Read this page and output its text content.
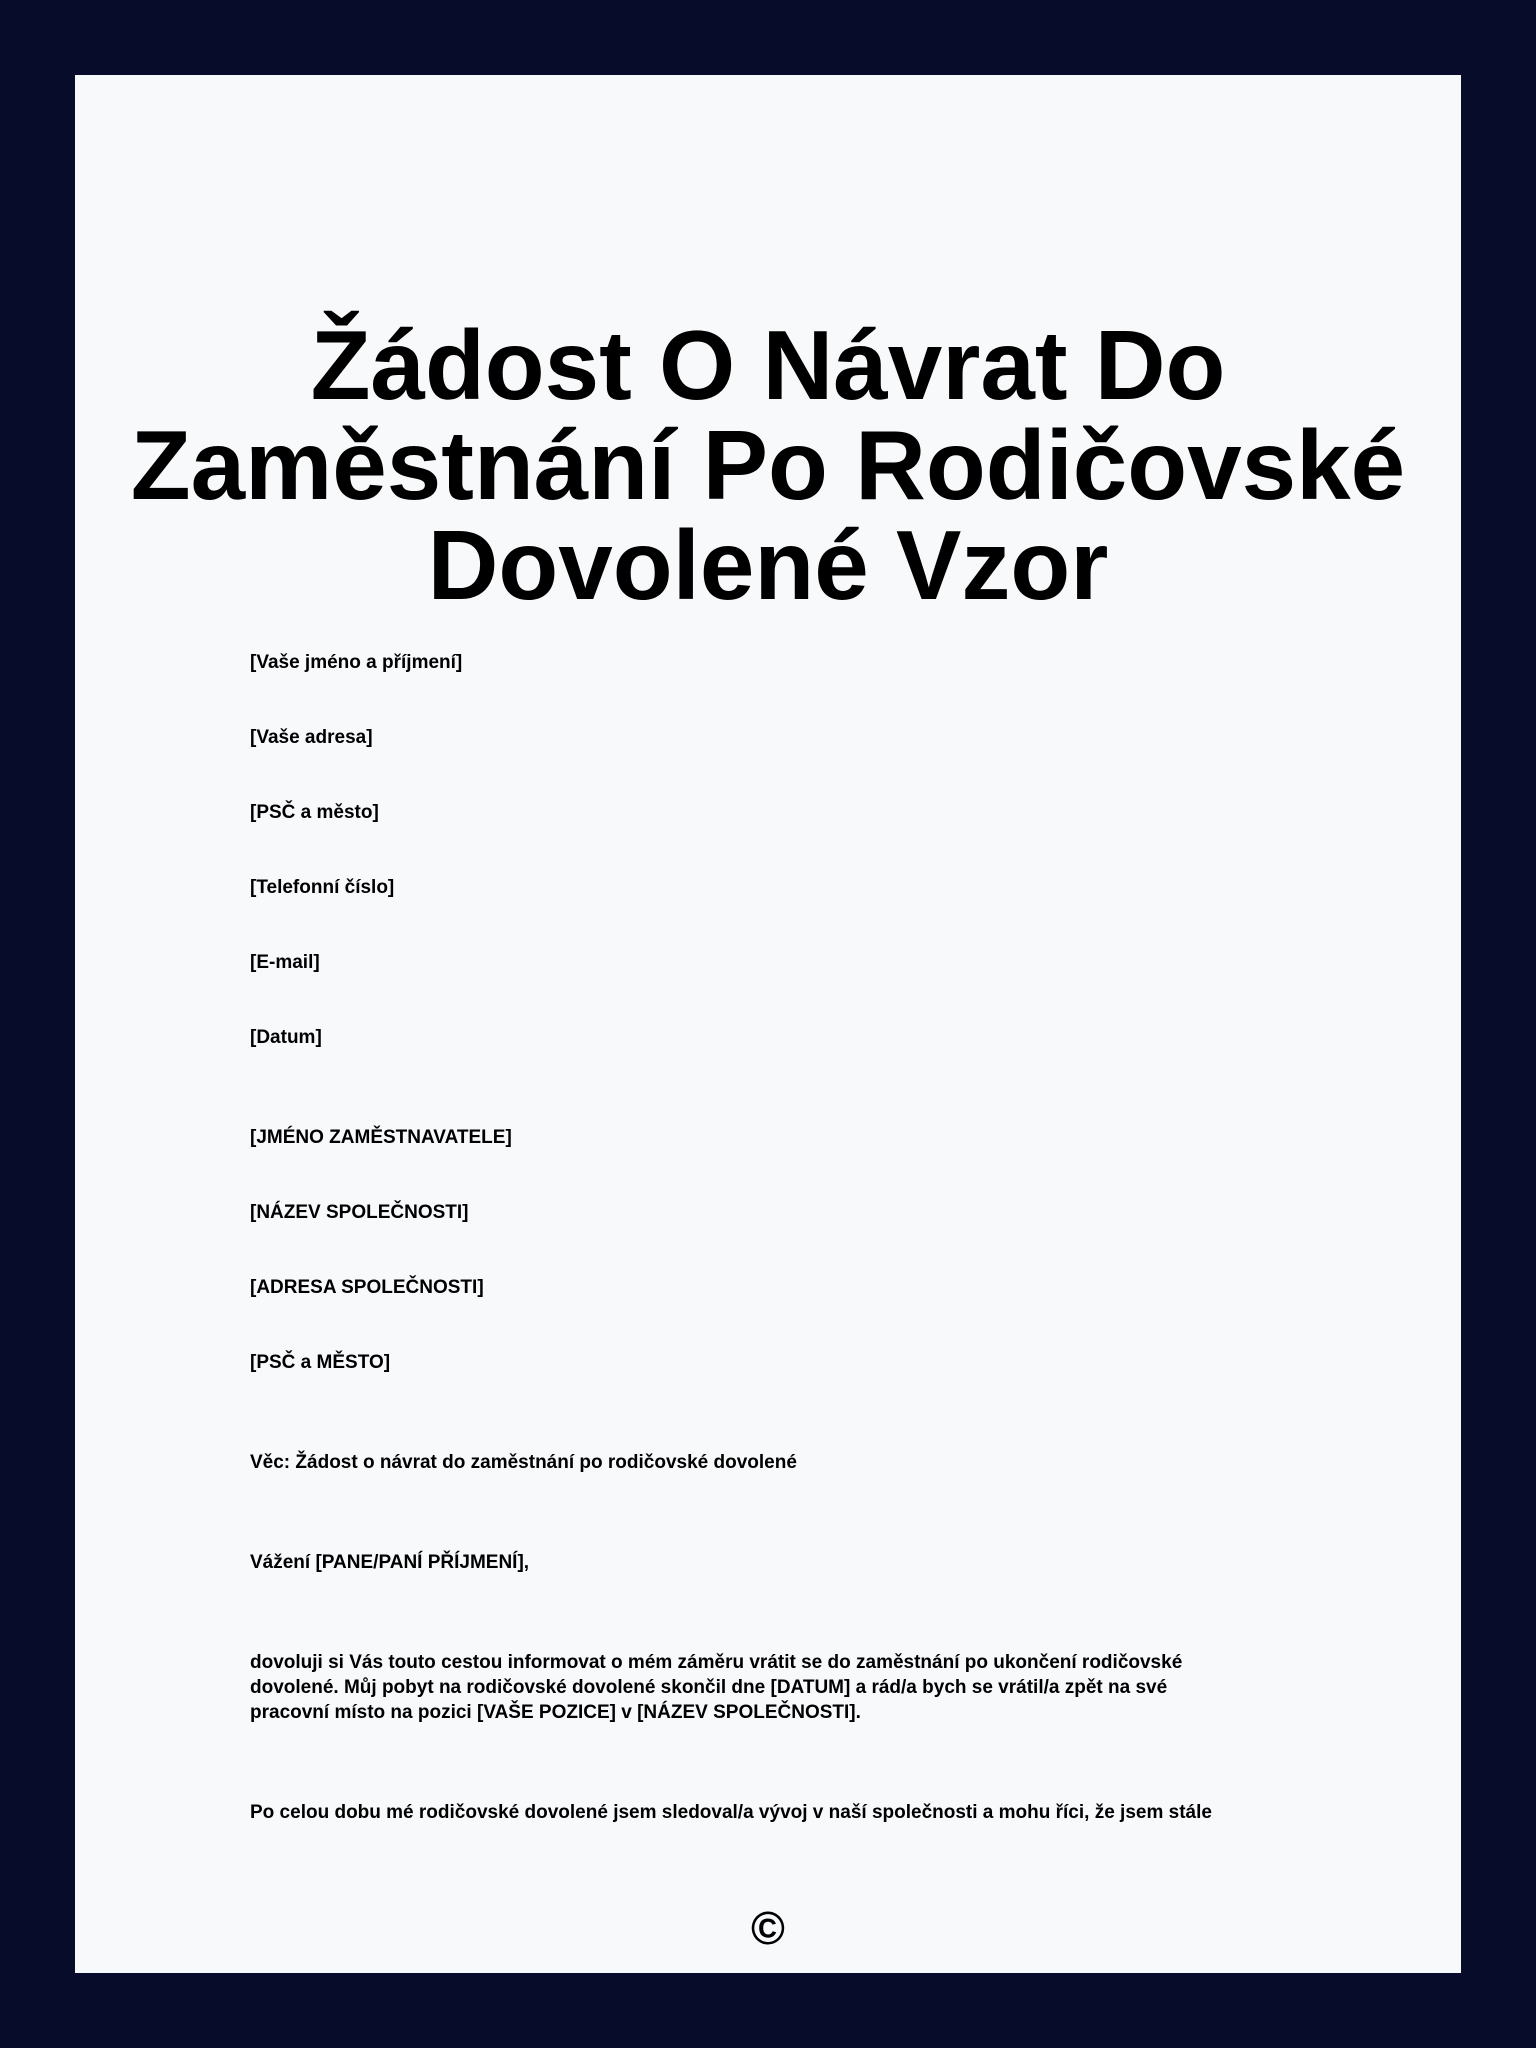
Žádost O Návrat Do
Zaměstnání Po Rodičovské
Dovolené Vzor

[Vaše jméno a příjmení]

[Vaše adresa]

[PSČ a město]

[Telefonní číslo]

[E-mail]

[Datum]

[JMÉNO ZAMĚSTNAVATELE]

[NÁZEV SPOLEČNOSTI]

[ADRESA SPOLEČNOSTI]

[PSČ a MĚSTO]

Věc: Žádost o návrat do zaměstnání po rodičovské dovolené

Vážení [PANE/PANÍ PŘÍJMENÍ],

dovoluji si Vás touto cestou informovat o mém záměru vrátit se do zaměstnání po ukončení rodičovské dovolené. Můj pobyt na rodičovské dovolené skončil dne [DATUM] a rád/a bych se vrátil/a zpět na své pracovní místo na pozici [VAŠE POZICE] v [NÁZEV SPOLEČNOSTI].

Po celou dobu mé rodičovské dovolené jsem sledoval/a vývoj v naší společnosti a mohu říci, že jsem stále

©
